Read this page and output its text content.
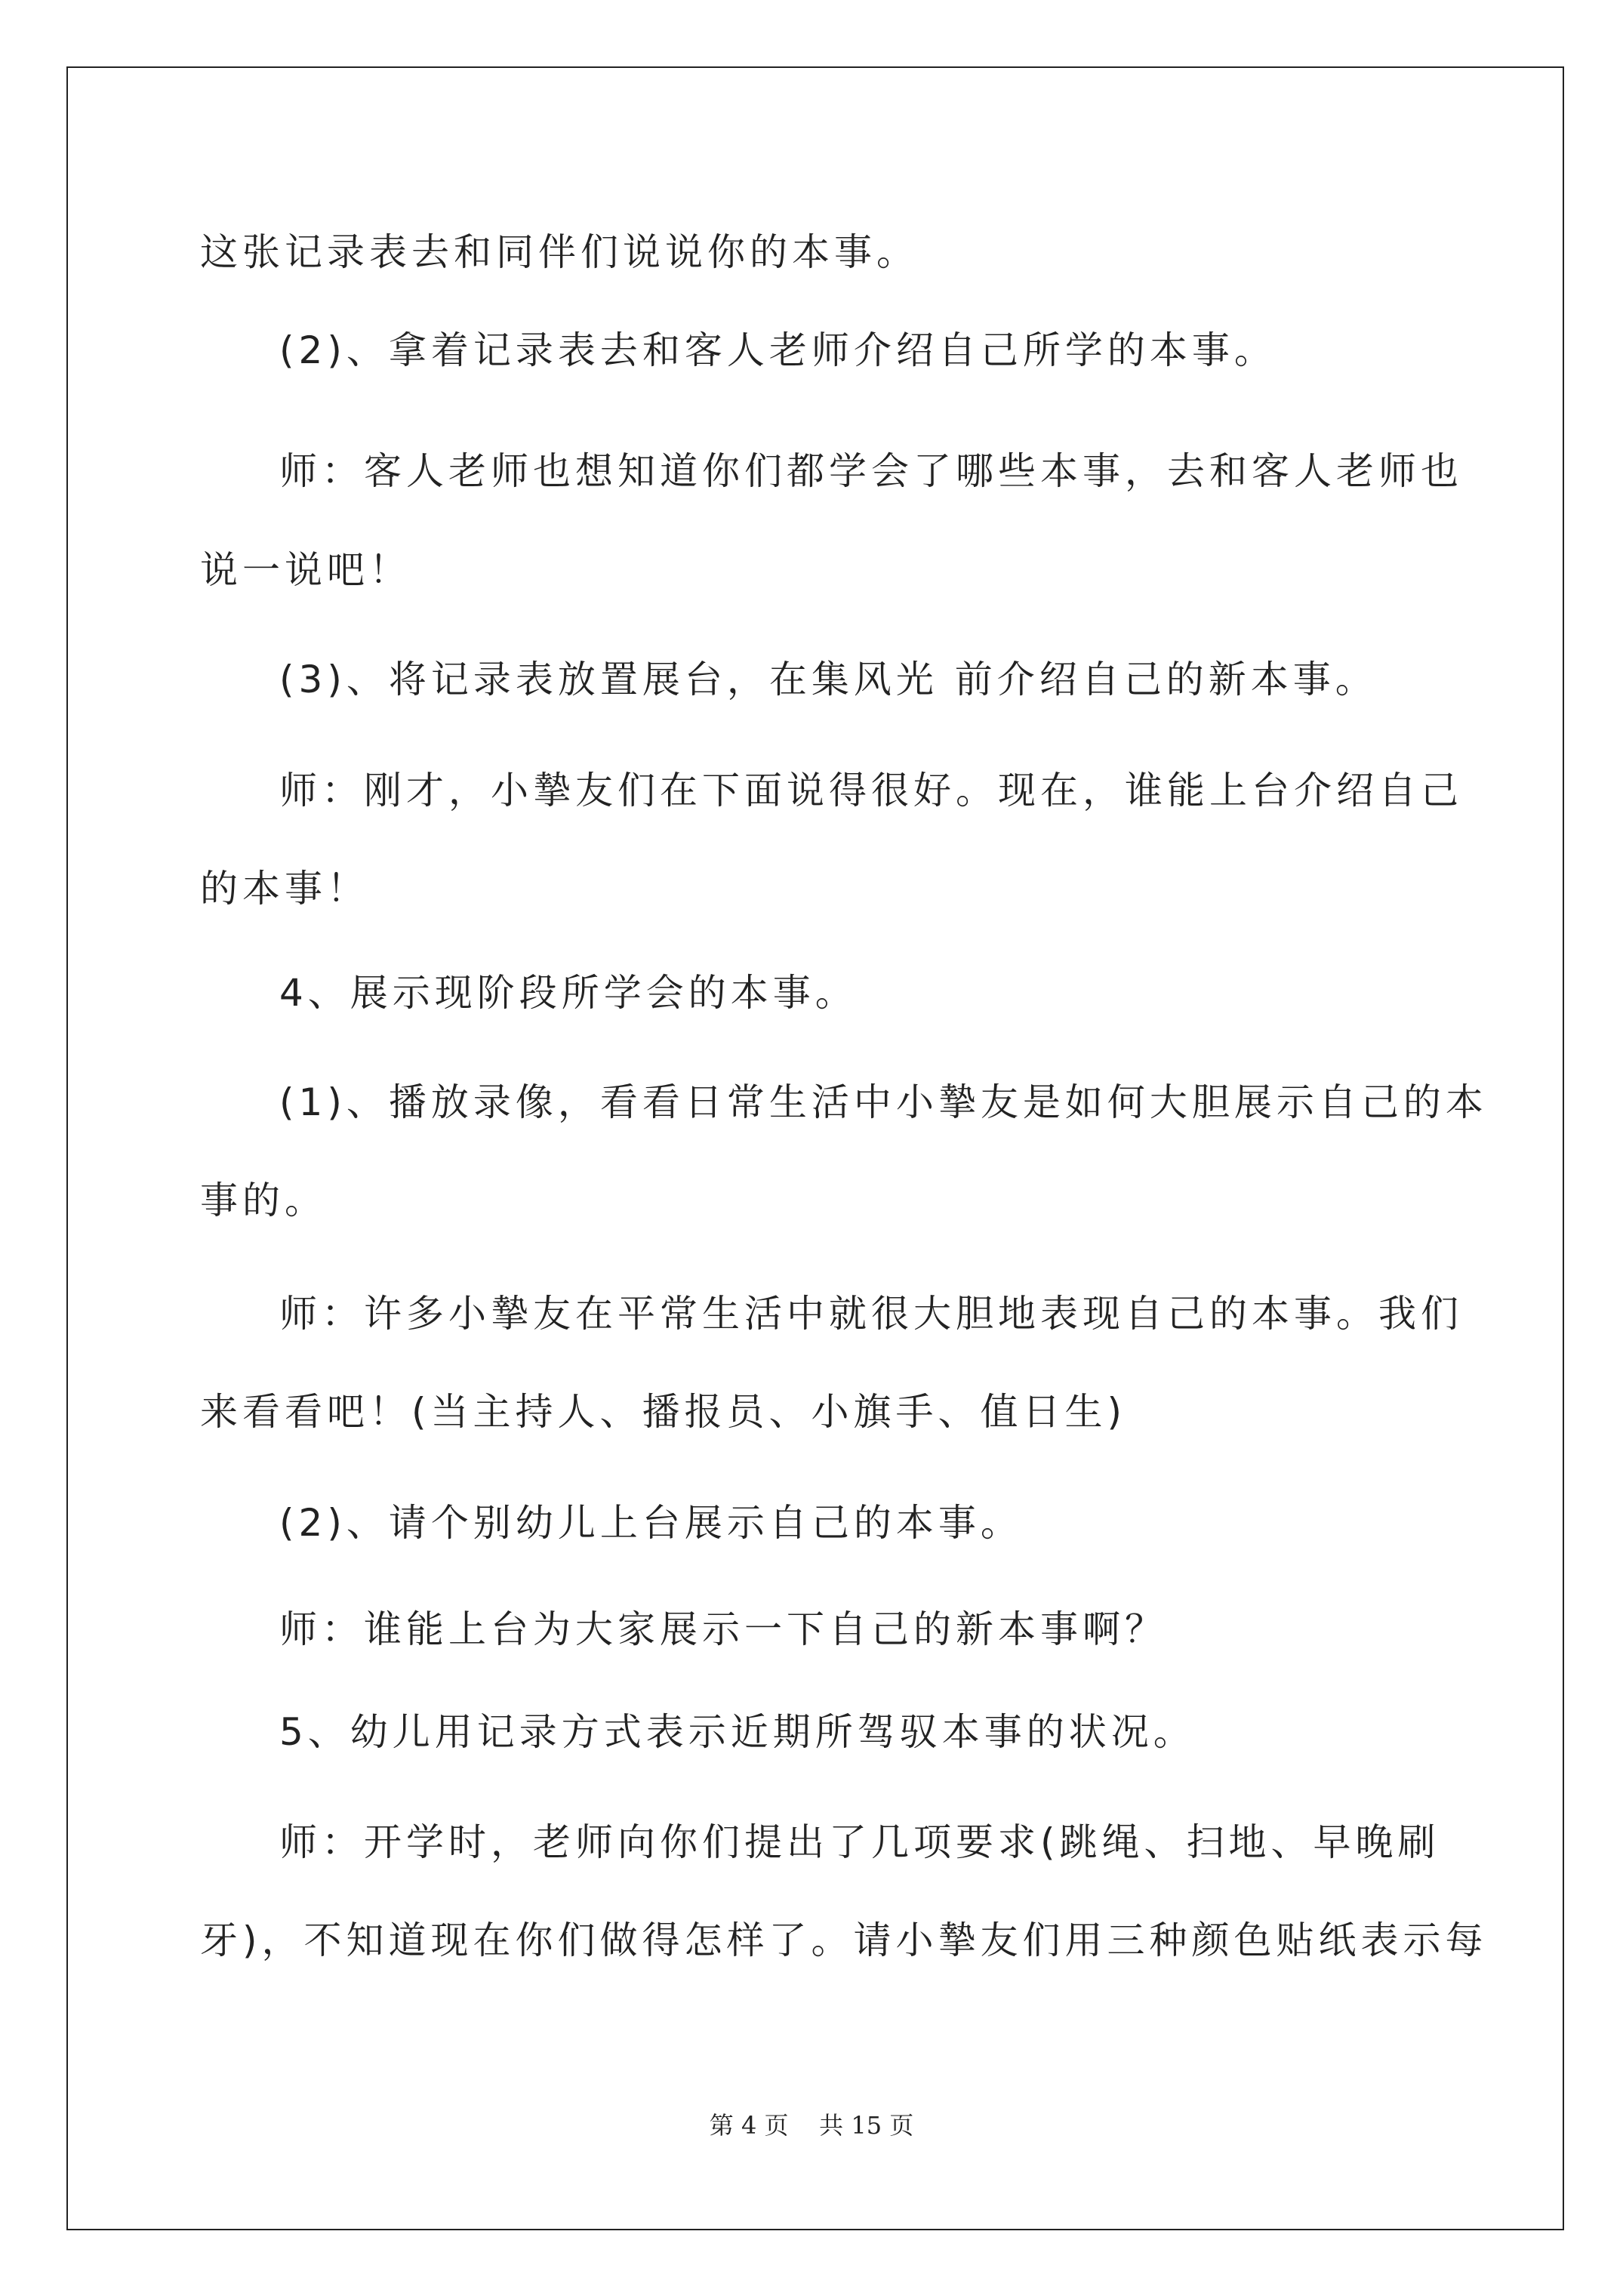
这张记录表去和同伴们说说你的本事。

(2)、拿着记录表去和客人老师介绍自己所学的本事。

师：客人老师也想知道你们都学会了哪些本事，去和客人老师也

说一说吧！

(3)、将记录表放置展台，在集风光 前介绍自己的新本事。

师：刚才，小摯友们在下面说得很好。现在，谁能上台介绍自己

的本事！

4、展示现阶段所学会的本事。

(1)、播放录像，看看日常生活中小摯友是如何大胆展示自己的本

事的。

师：许多小摯友在平常生活中就很大胆地表现自己的本事。我们

来看看吧！(当主持人、播报员、小旗手、值日生)

(2)、请个别幼儿上台展示自己的本事。

师：谁能上台为大家展示一下自己的新本事啊？

5、幼儿用记录方式表示近期所驾驭本事的状况。

师：开学时，老师向你们提出了几项要求(跳绳、扫地、早晚刷

牙)，不知道现在你们做得怎样了。请小摯友们用三种颜色贴纸表示每

第 4 页    共 15 页
